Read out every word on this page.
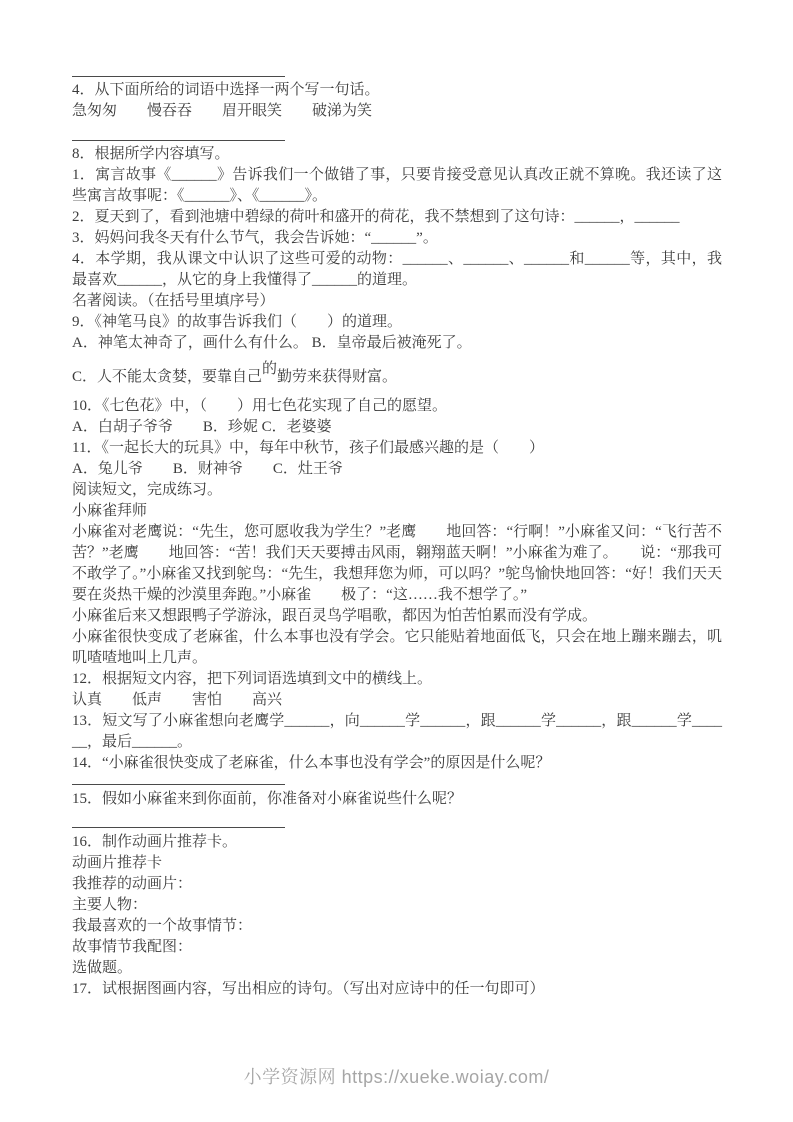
4．从下面所给的词语中选择一两个写一句话。

急匆匆　　慢吞吞　　眉开眼笑　　破涕为笑

8．根据所学内容填写。

1．寓言故事《______》告诉我们一个做错了事，只要肯接受意见认真改正就不算晚。我还读了这些寓言故事呢：《______》、《______》。

2．夏天到了，看到池塘中碧绿的荷叶和盛开的荷花，我不禁想到了这句诗：______，______

3．妈妈问我冬天有什么节气，我会告诉她：“______”。

4．本学期，我从课文中认识了这些可爱的动物：______、______、______和______等，其中，我最喜欢______，从它的身上我懂得了______的道理。

名著阅读。（在括号里填序号）

9．《神笔马良》的故事告诉我们（　　）的道理。

A．神笔太神奇了，画什么有什么。 B．皇帝最后被淹死了。

C．人不能太贪婪，要靠自己的勤劳来获得财富。

10．《七色花》中，（　　）用七色花实现了自己的愿望。

A．白胡子爷爷　　B．珍妮 C．老婆婆

11．《一起长大的玩具》中，每年中秋节，孩子们最感兴趣的是（　　）

A．兔儿爷　　B．财神爷　　C．灶王爷

阅读短文，完成练习。

小麻雀拜师

小麻雀对老鹰说：“先生，您可愿收我为学生？”老鹰　　地回答：“行啊！”小麻雀又问：“飞行苦不苦？”老鹰　　地回答：“苦！我们天天要搏击风雨，翱翔蓝天啊！”小麻雀为难了。　　说：“那我可不敢学了。”小麻雀又找到鸵鸟：“先生，我想拜您为师，可以吗？”鸵鸟愉快地回答：“好！我们天天要在炎热干燥的沙漠里奔跑。”小麻雀　　极了：“这……我不想学了。”

小麻雀后来又想跟鸭子学游泳，跟百灵鸟学唱歌，都因为怕苦怕累而没有学成。

小麻雀很快变成了老麻雀，什么本事也没有学会。它只能贴着地面低飞，只会在地上蹦来蹦去，叽叽喳喳地叫上几声。

12．根据短文内容，把下列词语选填到文中的横线上。

认真　　低声　　害怕　　高兴

13．短文写了小麻雀想向老鹰学______，向______学______，跟______学______，跟______学______，最后______。

14．“小麻雀很快变成了老麻雀，什么本事也没有学会”的原因是什么呢？

15．假如小麻雀来到你面前，你准备对小麻雀说些什么呢？

16．制作动画片推荐卡。

动画片推荐卡

我推荐的动画片：

主要人物：

我最喜欢的一个故事情节：

故事情节我配图：

选做题。

17．试根据图画内容，写出相应的诗句。（写出对应诗中的任一句即可）

小学资源网 https://xueke.woiay.com/
